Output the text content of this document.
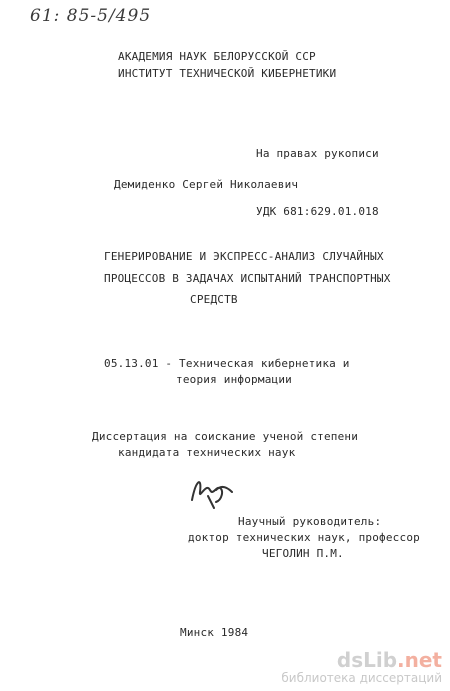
61: 85-5/495
АКАДЕМИЯ НАУК БЕЛОРУССКОЙ ССР
ИНСТИТУТ ТЕХНИЧЕСКОЙ КИБЕРНЕТИКИ
На правах рукописи
Демиденко Сергей Николаевич
УДК 681:629.01.018
ГЕНЕРИРОВАНИЕ И ЭКСПРЕСС-АНАЛИЗ СЛУЧАЙНЫХ
ПРОЦЕССОВ В ЗАДАЧАХ ИСПЫТАНИЙ ТРАНСПОРТНЫХ
СРЕДСТВ
05.13.01 - Техническая кибернетика и
теория информации
Диссертация на соискание ученой степени
кандидата технических наук
Научный руководитель:
доктор технических наук, профессор
ЧЕГОЛИН П.М.
Минск 1984
dsLib.net
библиотека диссертаций
